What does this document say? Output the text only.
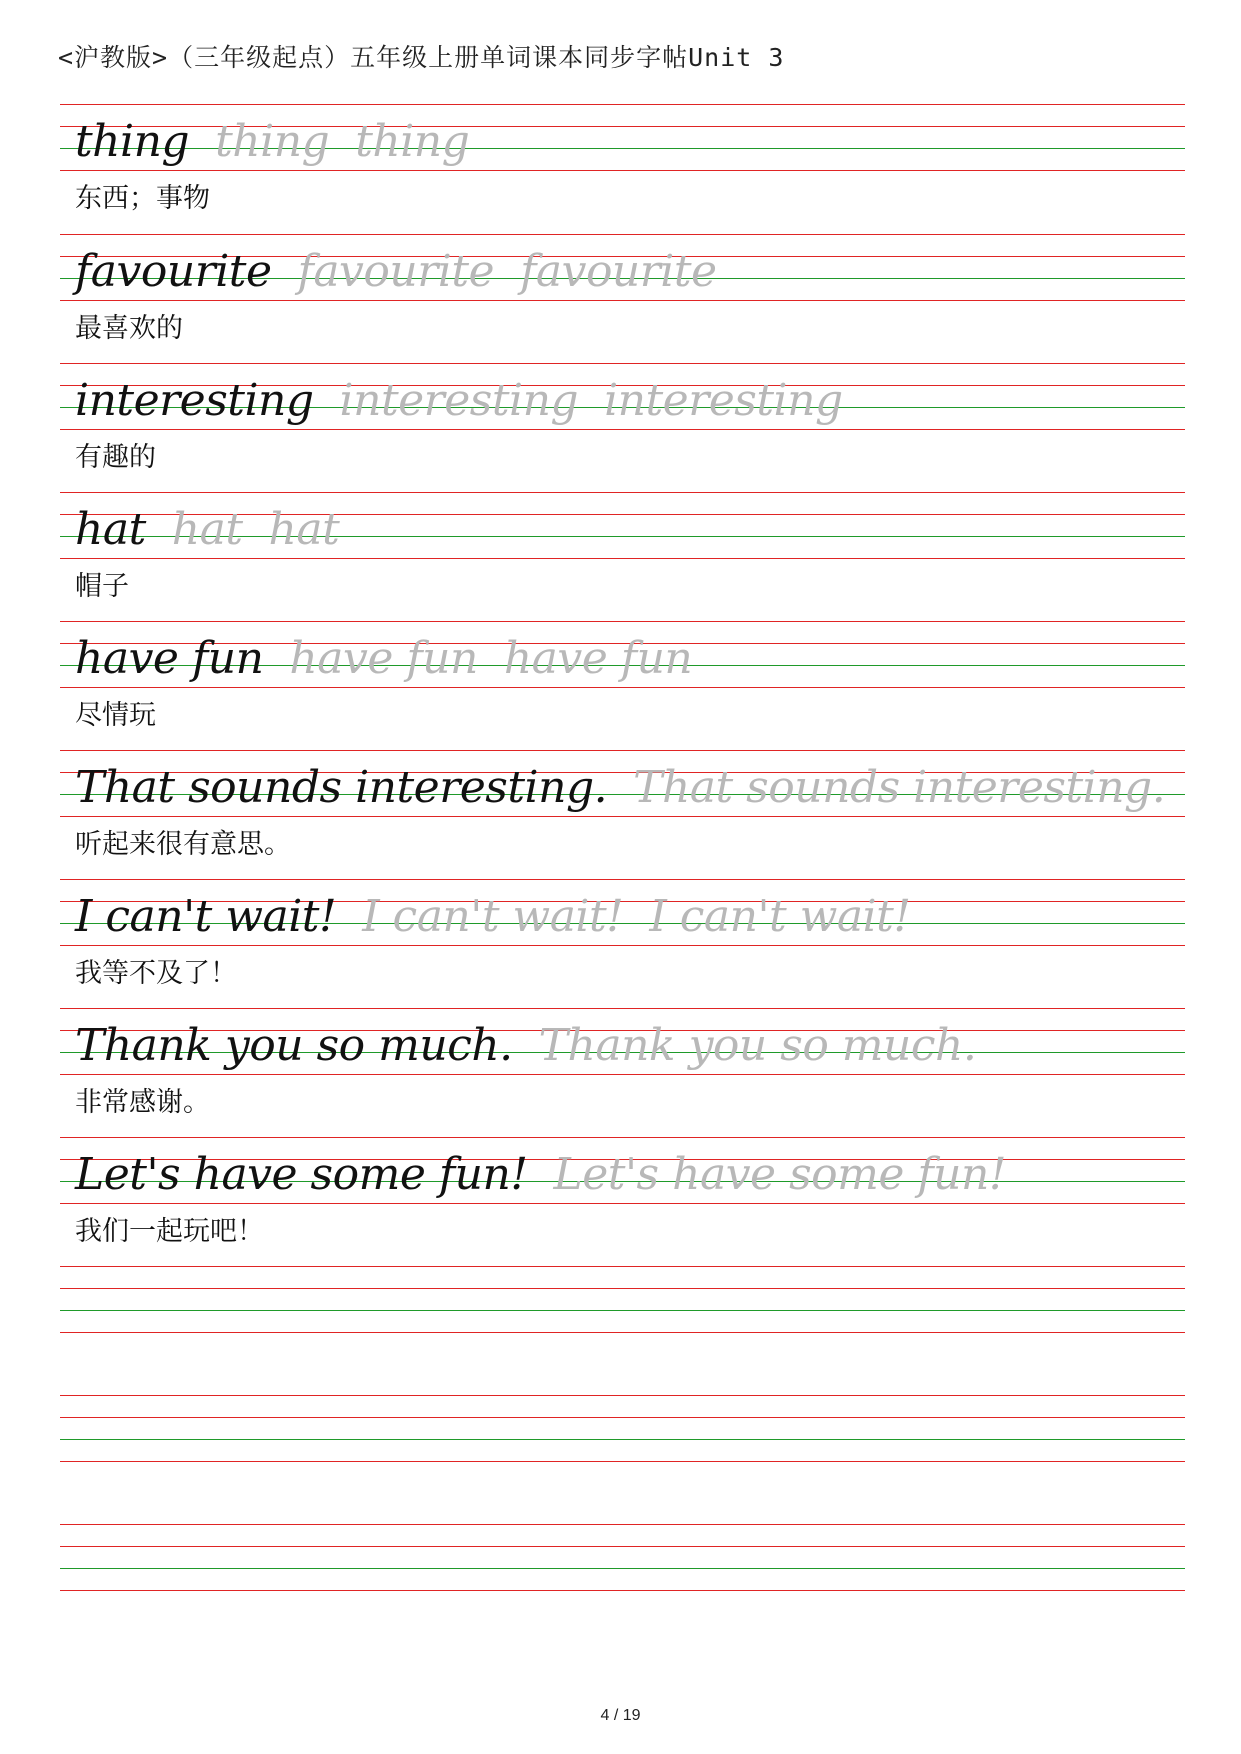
<沪教版>（三年级起点）五年级上册单词课本同步字帖Unit 3
thing thing thing
东西；事物
favourite favourite favourite
最喜欢的
interesting interesting interesting
有趣的
hat hat hat
帽子
have fun have fun have fun
尽情玩
That sounds interesting. That sounds interesting.
听起来很有意思。
I can't wait! I can't wait! I can't wait!
我等不及了！
Thank you so much. Thank you so much.
非常感谢。
Let's have some fun! Let's have some fun!
我们一起玩吧！
4 / 19
